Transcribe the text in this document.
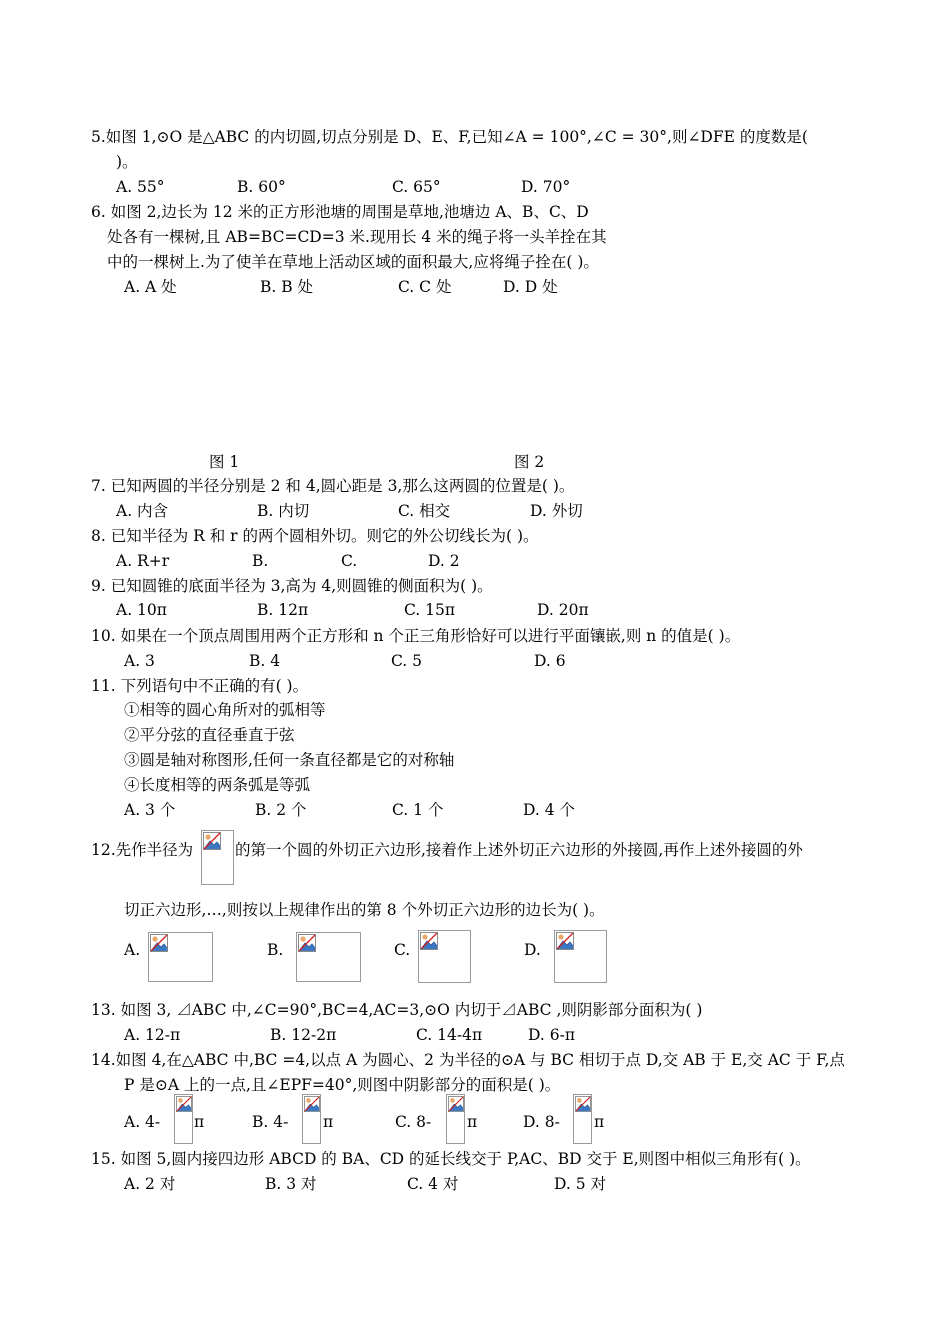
5.如图 1,⊙O 是△ABC 的内切圆,切点分别是 D、E、F,已知∠A = 100°,∠C = 30°,则∠DFE 的度数是(
)。
A. 55°	B. 60°	C. 65°	D. 70°
6. 如图 2,边长为 12 米的正方形池塘的周围是草地,池塘边 A、B、C、D
处各有一棵树,且 AB=BC=CD=3 米.现用长 4 米的绳子将一头羊拴在其
中的一棵树上.为了使羊在草地上活动区域的面积最大,应将绳子拴在( )。
A. A 处	B. B 处	C. C 处	D. D 处
图 1	图 2
7. 已知两圆的半径分别是 2 和 4,圆心距是 3,那么这两圆的位置是( )。
A. 内含	B. 内切	C. 相交	D. 外切
8. 已知半径为 R 和 r 的两个圆相外切。则它的外公切线长为( )。
A. R+r	B.	C.	D. 2
9. 已知圆锥的底面半径为 3,高为 4,则圆锥的侧面积为( )。
A. 10π	B. 12π	C. 15π	D. 20π
10. 如果在一个顶点周围用两个正方形和 n 个正三角形恰好可以进行平面镶嵌,则 n 的值是( )。
A. 3	B. 4	C. 5	D. 6
11. 下列语句中不正确的有( )。
①相等的圆心角所对的弧相等
②平分弦的直径垂直于弦
③圆是轴对称图形,任何一条直径都是它的对称轴
④长度相等的两条弧是等弧
A. 3 个	B. 2 个	C. 1 个	D. 4 个
12.先作半径为	的第一个圆的外切正六边形,接着作上述外切正六边形的外接圆,再作上述外接圆的外
切正六边形,…,则按以上规律作出的第 8 个外切正六边形的边长为( )。
A.	B.	C.	D.
13. 如图 3, ⊿ABC 中,∠C=90°,BC=4,AC=3,⊙O 内切于⊿ABC ,则阴影部分面积为( )
A. 12-π	B. 12-2π	C. 14-4π	D. 6-π
14.如图 4,在△ABC 中,BC =4,以点 A 为圆心、2 为半径的⊙A 与 BC 相切于点 D,交 AB 于 E,交 AC 于 F,点
P 是⊙A 上的一点,且∠EPF=40°,则图中阴影部分的面积是( )。
A. 4- π	B. 4- π	C. 8- π	D. 8- π
15. 如图 5,圆内接四边形 ABCD 的 BA、CD 的延长线交于 P,AC、BD 交于 E,则图中相似三角形有( )。
A. 2 对	B. 3 对	C. 4 对	D. 5 对
